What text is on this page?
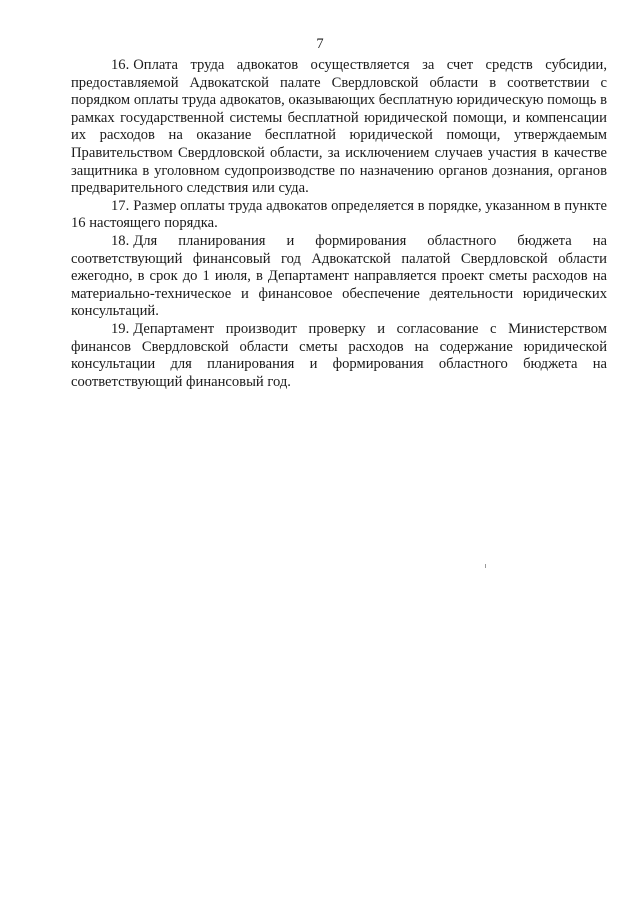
7

16. Оплата труда адвокатов осуществляется за счет средств субсидии, предоставляемой Адвокатской палате Свердловской области в соответствии с порядком оплаты труда адвокатов, оказывающих бесплатную юридическую помощь в рамках государственной системы бесплатной юридической помощи, и компенсации их расходов на оказание бесплатной юридической помощи, утверждаемым Правительством Свердловской области, за исключением случаев участия в качестве защитника в уголовном судопроизводстве по назначению органов дознания, органов предварительного следствия или суда.

17. Размер оплаты труда адвокатов определяется в порядке, указанном в пункте 16 настоящего порядка.

18. Для планирования и формирования областного бюджета на соответствующий финансовый год Адвокатской палатой Свердловской области ежегодно, в срок до 1 июля, в Департамент направляется проект сметы расходов на материально-техническое и финансовое обеспечение деятельности юридических консультаций.

19. Департамент производит проверку и согласование с Министерством финансов Свердловской области сметы расходов на содержание юридической консультации для планирования и формирования областного бюджета на соответствующий финансовый год.
